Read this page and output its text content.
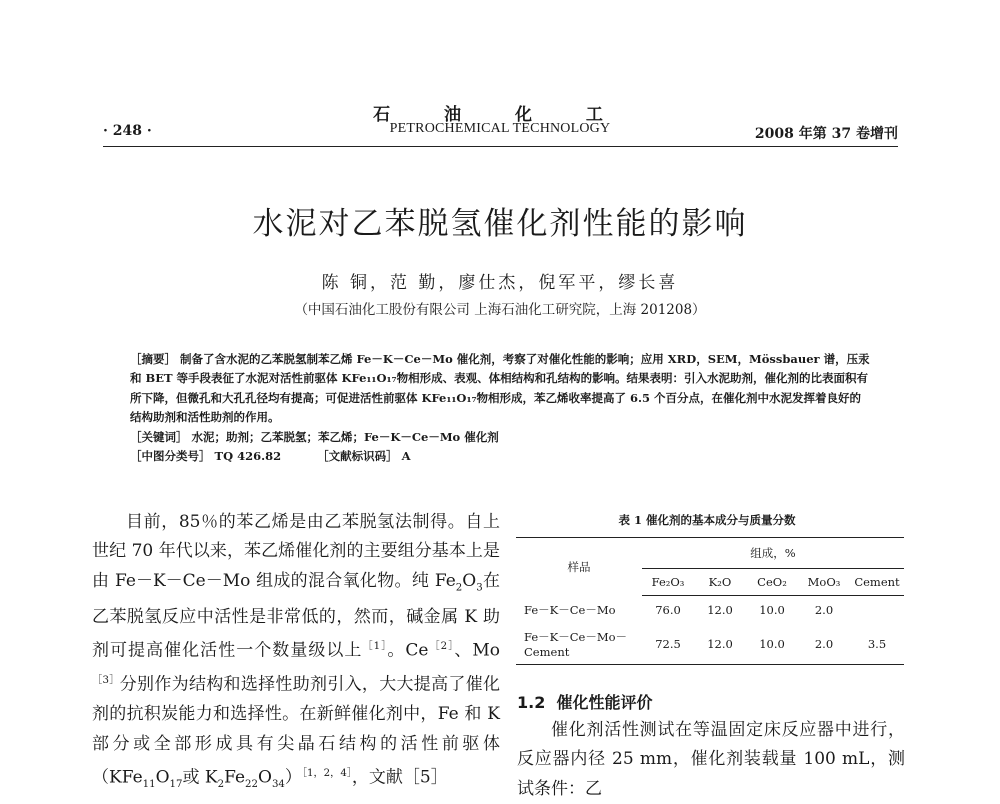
石 油 化 工
PETROCHEMICAL TECHNOLOGY
· 248 ·	2008 年第 37 卷增刊
水泥对乙苯脱氢催化剂性能的影响
陈 铜，范 勤，廖仕杰，倪军平，缪长喜
（中国石油化工股份有限公司 上海石油化工研究院，上海 201208）

［摘要］ 制备了含水泥的乙苯脱氢制苯乙烯 Fe－K－Ce－Mo 催化剂，考察了对催化性能的影响；应用 XRD，SEM，Mössbauer 谱，压汞和 BET 等手段表征了水泥对活性前驱体 KFe₁₁O₁₇物相形成、表观、体相结构和孔结构的影响。结果表明：引入水泥助剂，催化剂的比表面积有所下降，但微孔和大孔孔径均有提高；可促进活性前驱体 KFe₁₁O₁₇物相形成，苯乙烯收率提高了 6.5 个百分点，在催化剂中水泥发挥着良好的结构助剂和活性助剂的作用。

［关键词］ 水泥；助剂；乙苯脱氢；苯乙烯；Fe－K－Ce－Mo 催化剂

［中图分类号］ TQ 426.82	［文献标识码］ A

目前，85％的苯乙烯是由乙苯脱氢法制得。自上世纪 70 年代以来，苯乙烯催化剂的主要组分基本上是由 Fe－K－Ce－Mo 组成的混合氧化物。纯 $Fe_2O_3$在乙苯脱氢反应中活性是非常低的，然而，碱金属 K 助剂可提高催化活性一个数量级以上$^{[1]}$。$Ce^{[2]}$、$Mo^{[3]}$分别作为结构和选择性助剂引入，大大提高了催化剂的抗积炭能力和选择性。在新鲜催化剂中，Fe 和 K 部分或全部形成具有尖晶石结构的活性前驱体（$KFe_{11}O_{17}$或 $K_2Fe_{22}O_{34})^{[1,2,4]}$，文献［5］

表 1 催化剂的基本成分与质量分数
样品	组成，%				
	Fe₂O₃	K₂O	CeO₂	MoO₃	Cement
Fe－K－Ce－Mo	76.0	12.0	10.0	2.0	

Fe－K－Ce－Mo－
Cement	72.5	12.0	10.0	2.0	3.5
1.2 催化性能评价

催化剂活性测试在等温固定床反应器中进行，反应器内径 25 mm，催化剂装载量 100 mL，测试条件：乙
